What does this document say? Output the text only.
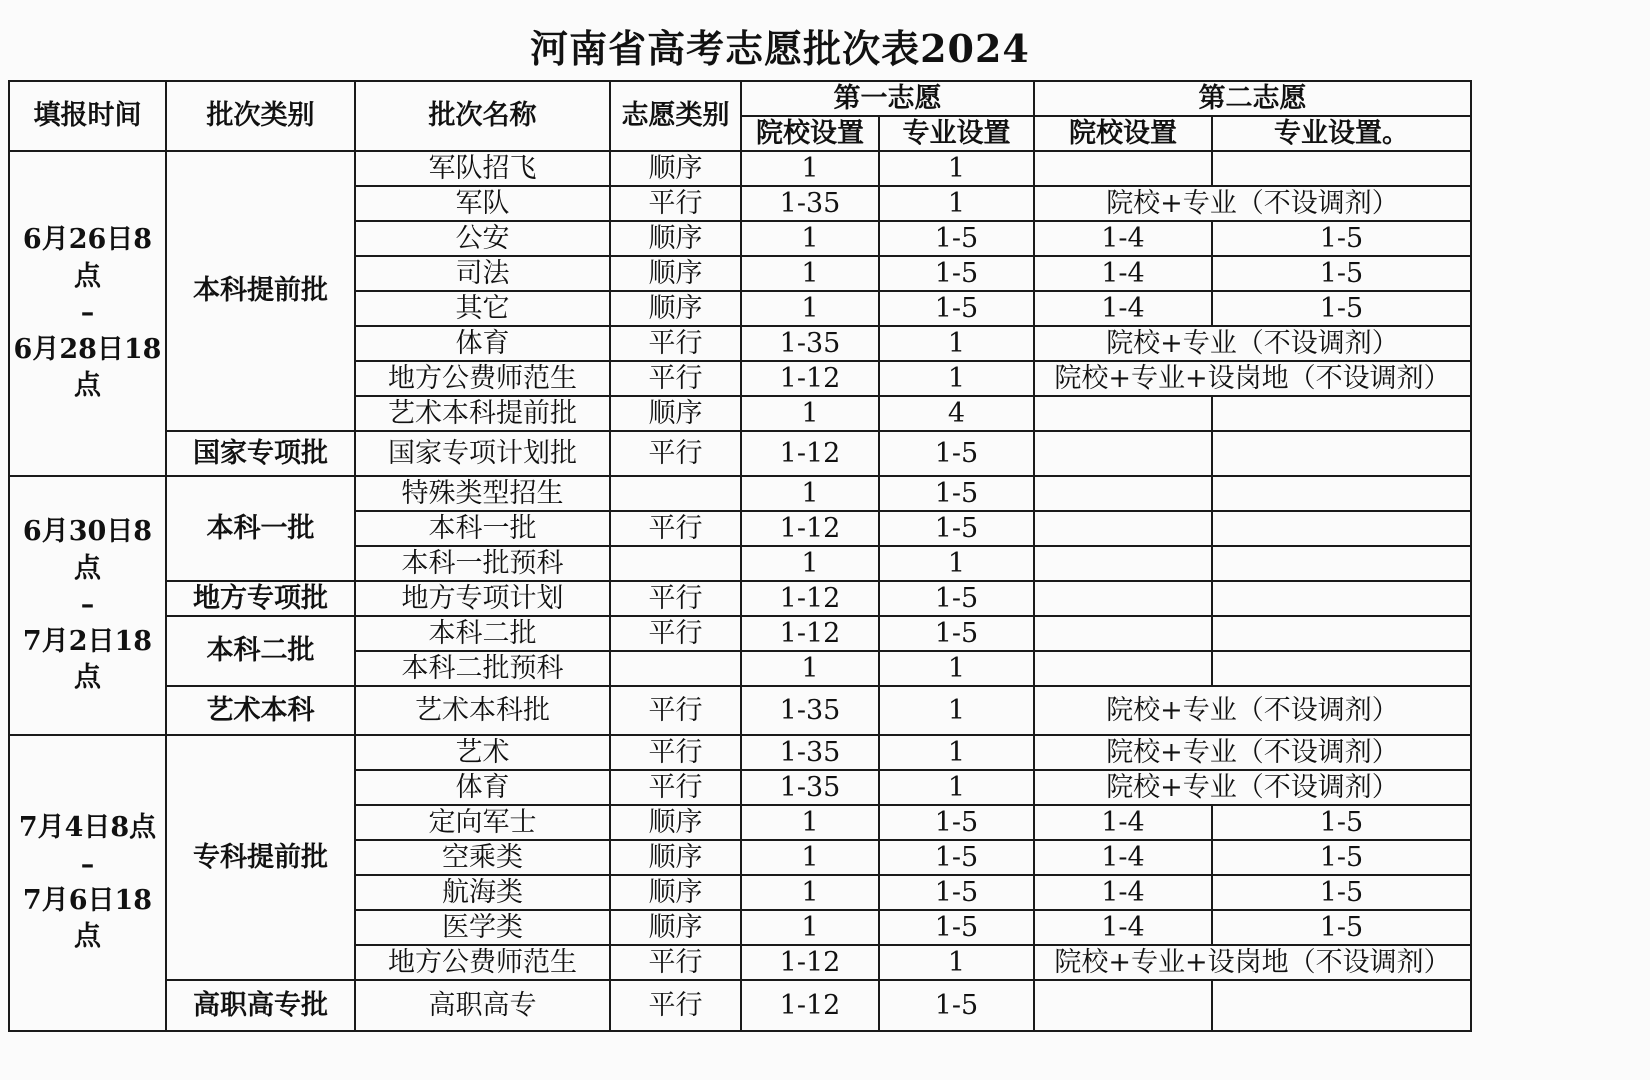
河南省高考志愿批次表2024
填报时间	批次类别	批次名称	志愿类别	第一志愿		第二志愿	
				院校设置	专业设置	院校设置	专业设置。

6月26日8点
–
6月28日18
点	本科提前批	军队招飞	顺序	1	1		
		军队	平行	1-35	1	院校+专业（不设调剂）	
		公安	顺序	1	1-5	1-4	1-5
		司法	顺序	1	1-5	1-4	1-5
		其它	顺序	1	1-5	1-4	1-5
		体育	平行	1-35	1	院校+专业（不设调剂）	
		地方公费师范生	平行	1-12	1	院校+专业+设岗地（不设调剂）	
		艺术本科提前批	顺序	1	4		
	国家专项批	国家专项计划批	平行	1-12	1-5		

6月30日8点
–
7月2日18点	本科一批	特殊类型招生		1	1-5		
		本科一批	平行	1-12	1-5		
		本科一批预科		1	1		
	地方专项批	地方专项计划	平行	1-12	1-5		
	本科二批	本科二批	平行	1-12	1-5		
		本科二批预科		1	1		
	艺术本科	艺术本科批	平行	1-35	1	院校+专业（不设调剂）	

7月4日8点
–
7月6日18点	专科提前批	艺术	平行	1-35	1	院校+专业（不设调剂）	
		体育	平行	1-35	1	院校+专业（不设调剂）	
		定向军士	顺序	1	1-5	1-4	1-5
		空乘类	顺序	1	1-5	1-4	1-5
		航海类	顺序	1	1-5	1-4	1-5
		医学类	顺序	1	1-5	1-4	1-5
		地方公费师范生	平行	1-12	1	院校+专业+设岗地（不设调剂）	
	高职高专批	高职高专	平行	1-12	1-5		
